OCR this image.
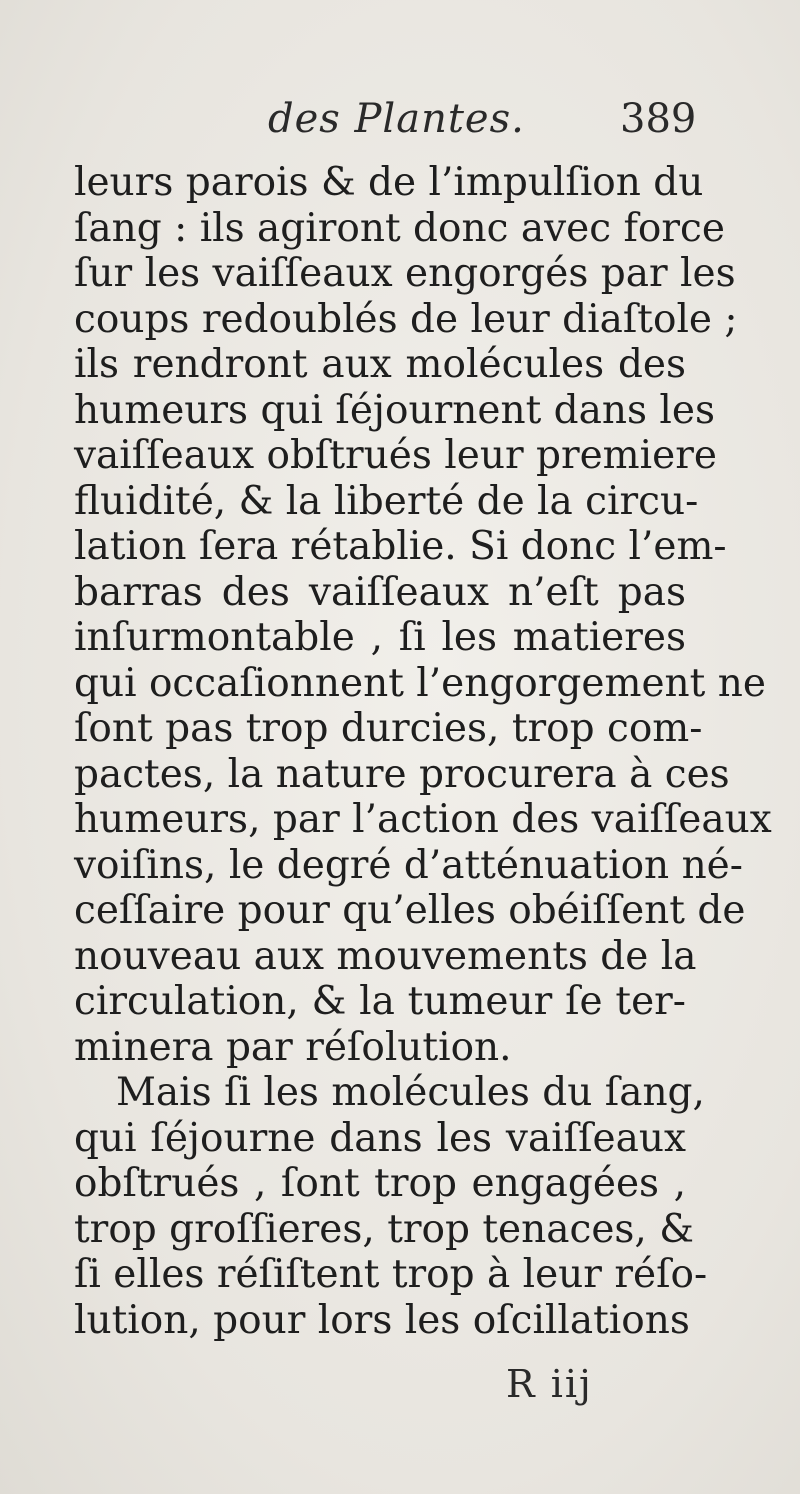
des Plantes. 389
leurs parois & de l’impulſion du
ſang : ils agiront donc avec force
ſur les vaiſſeaux engorgés par les
coups redoublés de leur diaſtole ;
ils rendront aux molécules des
humeurs qui ſéjournent dans les
vaiſſeaux obſtrués leur premiere
fluidité, & la liberté de la circu-
lation ſera rétablie. Si donc l’em-
barras des vaiſſeaux n’eſt pas
inſurmontable , ſi les matieres
qui occaſionnent l’engorgement ne
ſont pas trop durcies, trop com-
pactes, la nature procurera à ces
humeurs, par l’action des vaiſſeaux
voiſins, le degré d’atténuation né-
ceſſaire pour qu’elles obéiſſent de
nouveau aux mouvements de la
circulation, & la tumeur ſe ter-
minera par réſolution.
Mais ſi les molécules du ſang,
qui ſéjourne dans les vaiſſeaux
obſtrués , ſont trop engagées ,
trop groſſieres, trop tenaces, &
ſi elles réſiſtent trop à leur réſo-
lution, pour lors les oſcillations
R iij
